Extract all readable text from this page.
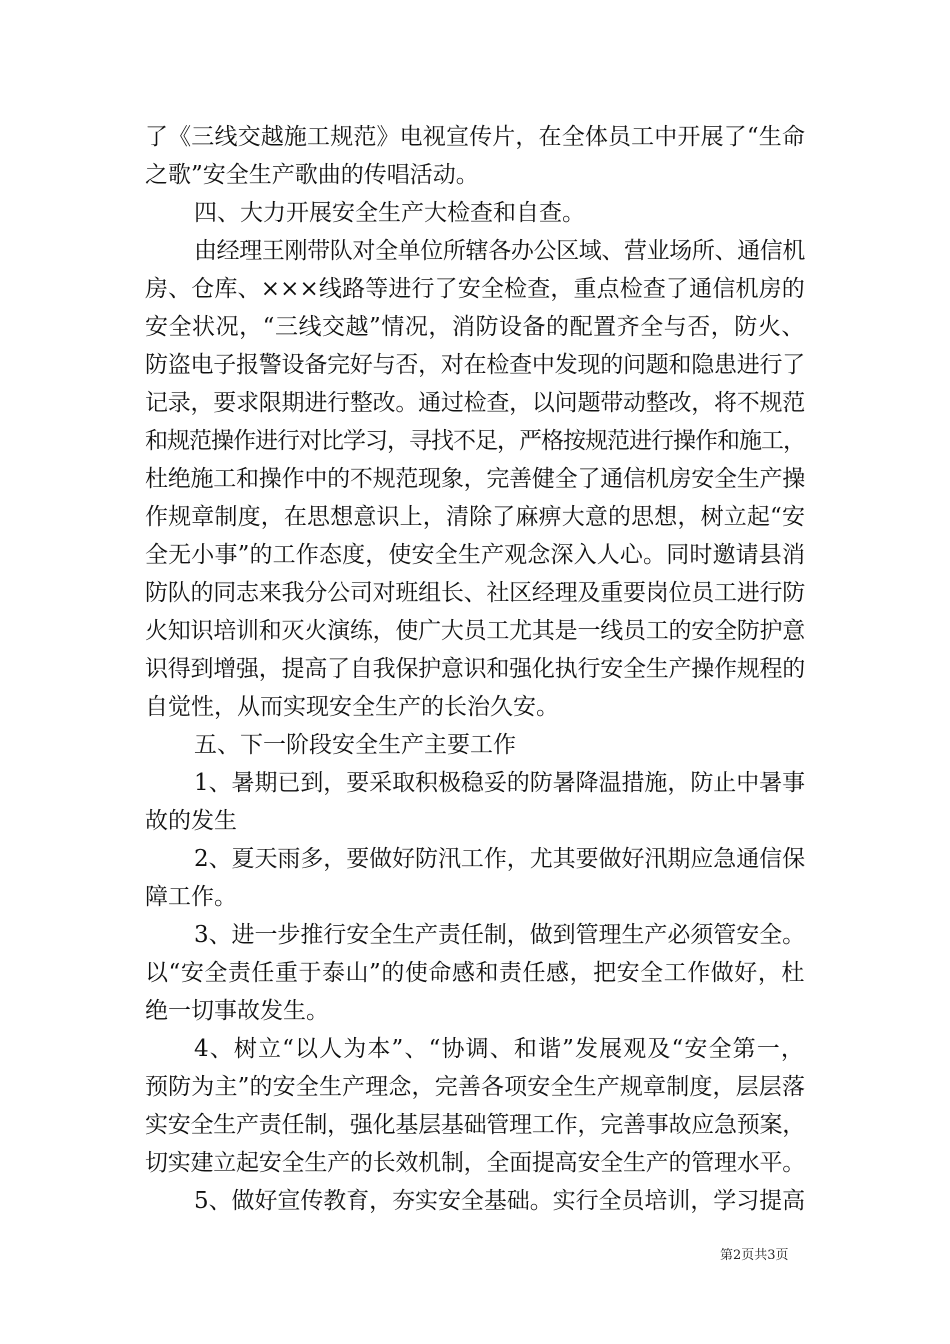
了《三线交越施工规范》电视宣传片，在全体员工中开展了“生命
之歌”安全生产歌曲的传唱活动。
四、大力开展安全生产大检查和自查。
由经理王刚带队对全单位所辖各办公区域、营业场所、通信机
房、仓库、×××线路等进行了安全检查，重点检查了通信机房的
安全状况，“三线交越”情况，消防设备的配置齐全与否，防火、
防盗电子报警设备完好与否，对在检查中发现的问题和隐患进行了
记录，要求限期进行整改。通过检查，以问题带动整改，将不规范
和规范操作进行对比学习，寻找不足，严格按规范进行操作和施工，
杜绝施工和操作中的不规范现象，完善健全了通信机房安全生产操
作规章制度，在思想意识上，清除了麻痹大意的思想，树立起“安
全无小事”的工作态度，使安全生产观念深入人心。同时邀请县消
防队的同志来我分公司对班组长、社区经理及重要岗位员工进行防
火知识培训和灭火演练，使广大员工尤其是一线员工的安全防护意
识得到增强，提高了自我保护意识和强化执行安全生产操作规程的
自觉性，从而实现安全生产的长治久安。
五、下一阶段安全生产主要工作
1、暑期已到，要采取积极稳妥的防暑降温措施，防止中暑事
故的发生
2、夏天雨多，要做好防汛工作，尤其要做好汛期应急通信保
障工作。
3、进一步推行安全生产责任制，做到管理生产必须管安全。
以“安全责任重于泰山”的使命感和责任感，把安全工作做好，杜
绝一切事故发生。
4、树立“以人为本”、“协调、和谐”发展观及“安全第一，
预防为主”的安全生产理念，完善各项安全生产规章制度，层层落
实安全生产责任制，强化基层基础管理工作，完善事故应急预案，
切实建立起安全生产的长效机制，全面提高安全生产的管理水平。
5、做好宣传教育，夯实安全基础。实行全员培训，学习提高
第2页共3页
